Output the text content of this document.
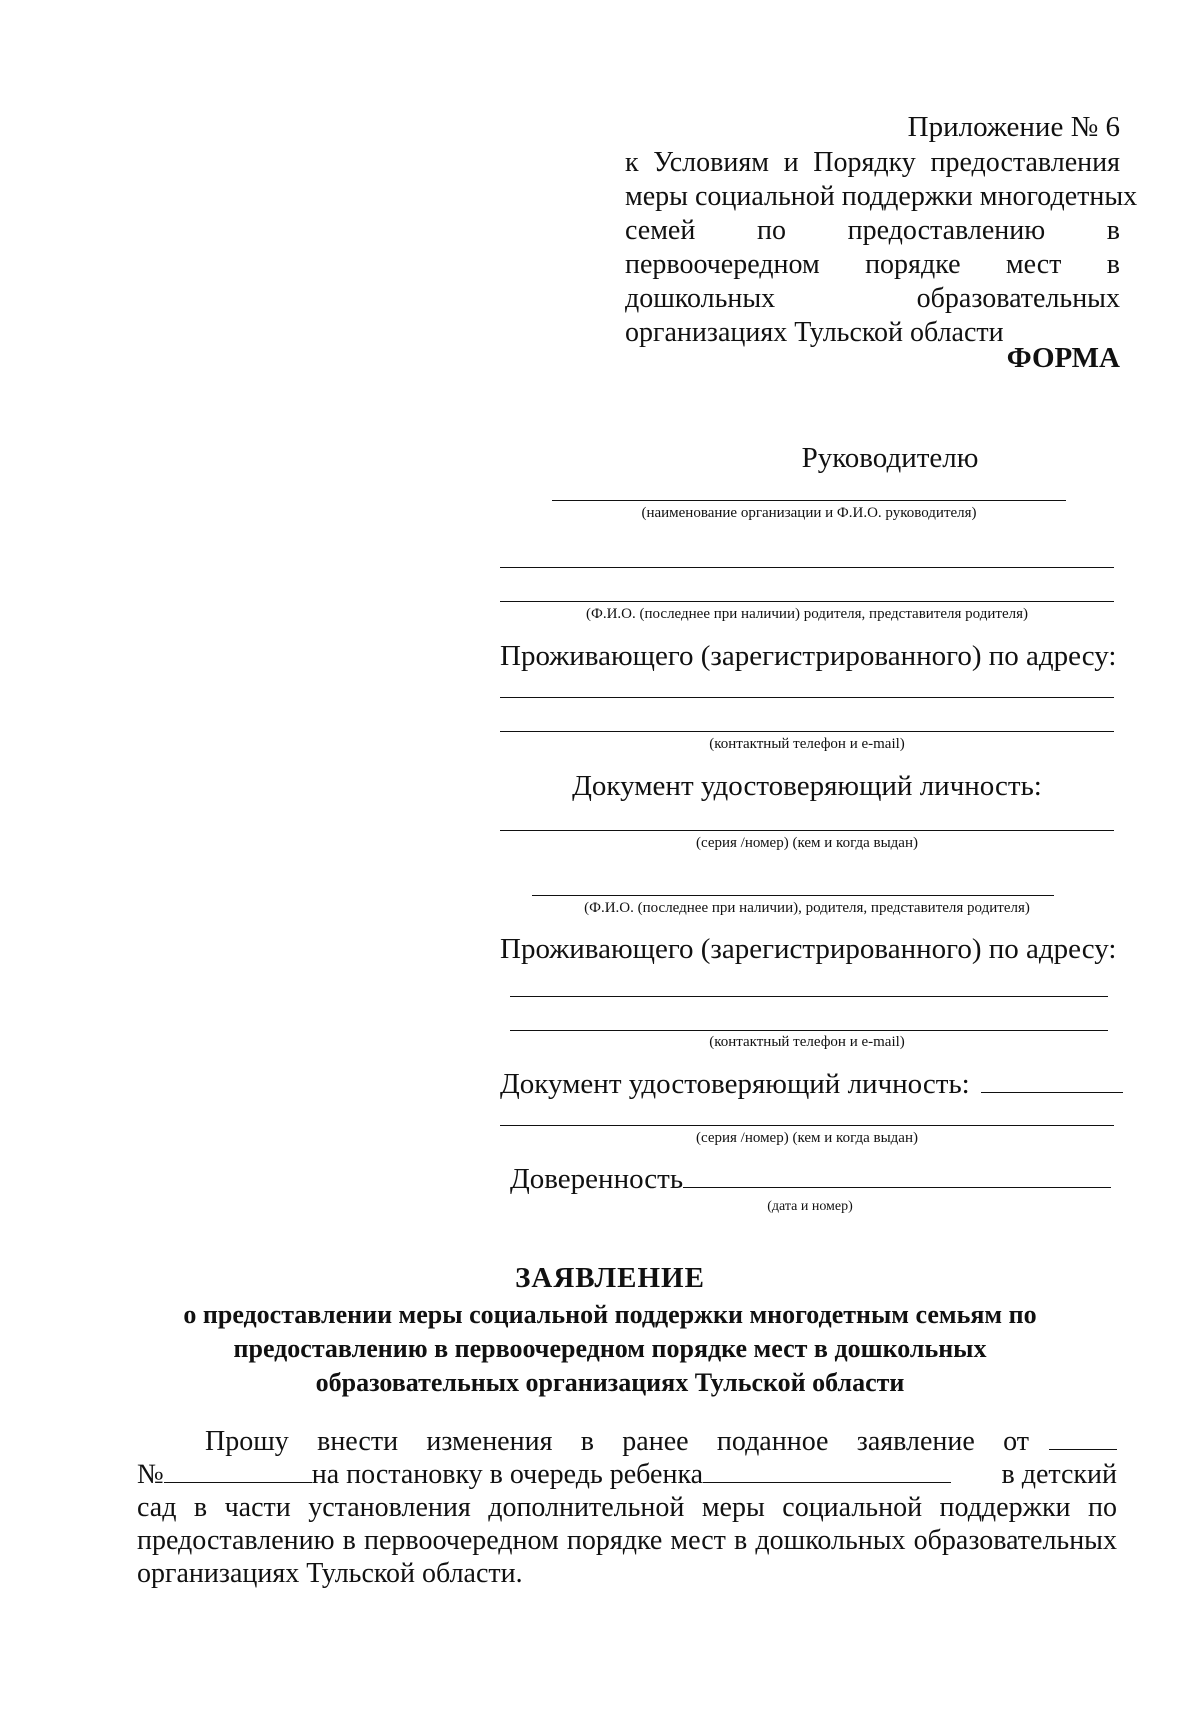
Приложение № 6
к Условиям и Порядку предоставления
меры социальной поддержки многодетных
семей по предоставлению в
первоочередном порядке мест в
дошкольных образовательных
организациях Тульской области
ФОРМА
Руководителю
(наименование организации и Ф.И.О. руководителя)
(Ф.И.О. (последнее при наличии) родителя, представителя родителя)
Проживающего (зарегистрированного) по адресу:
(контактный телефон и e-mail)
Документ удостоверяющий личность:
(серия /номер) (кем и когда выдан)
(Ф.И.О. (последнее при наличии), родителя, представителя родителя)
Проживающего (зарегистрированного) по адресу:
(контактный телефон и e-mail)
Документ удостоверяющий личность:
(серия /номер) (кем и когда выдан)
Доверенность
(дата и номер)
ЗАЯВЛЕНИЕ
о предоставлении меры социальной поддержки многодетным семьям по
предоставлению в первоочередном порядке мест в дошкольных
образовательных организациях Тульской области
Прошу внести изменения в ранее поданное заявление от
№	на постановку в очередь ребенка	в детский
сад в части установления дополнительной меры социальной поддержки по
предоставлению в первоочередном порядке мест в дошкольных образовательных
организациях Тульской области.
